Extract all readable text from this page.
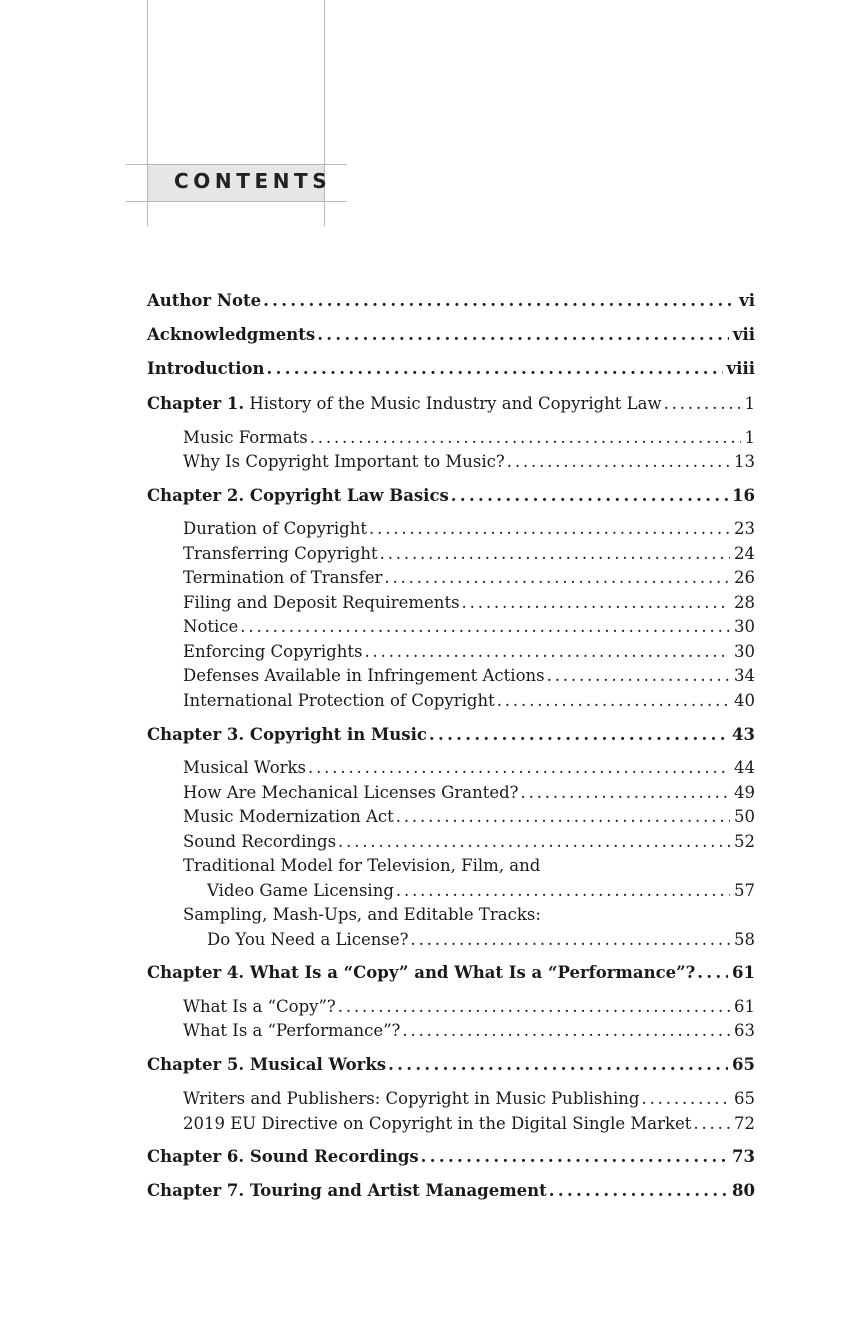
CONTENTS
Author Note . . .	vi
Acknowledgments . . .	vii
Introduction . . .	viii
Chapter 1. History of the Music Industry and Copyright Law . . .	1
Music Formats . . .	1
Why Is Copyright Important to Music? . . .	13
Chapter 2. Copyright Law Basics . . .	16
Duration of Copyright . . .	23
Transferring Copyright . . .	24
Termination of Transfer . . .	26
Filing and Deposit Requirements . . .	28
Notice . . .	30
Enforcing Copyrights . . .	30
Defenses Available in Infringement Actions . . .	34
International Protection of Copyright . . .	40
Chapter 3. Copyright in Music . . .	43
Musical Works . . .	44
How Are Mechanical Licenses Granted? . . .	49
Music Modernization Act . . .	50
Sound Recordings . . .	52
Traditional Model for Television, Film, and
Video Game Licensing . . .	57
Sampling, Mash-Ups, and Editable Tracks:
Do You Need a License? . . .	58
Chapter 4. What Is a “Copy” and What Is a “Performance”? . . . 61
What Is a “Copy”? . . .	61
What Is a “Performance”? . . .	63
Chapter 5. Musical Works . . .	65
Writers and Publishers: Copyright in Music Publishing . . .	65
2019 EU Directive on Copyright in the Digital Single Market . . .	72
Chapter 6. Sound Recordings . . .	73
Chapter 7. Touring and Artist Management . . .	80
